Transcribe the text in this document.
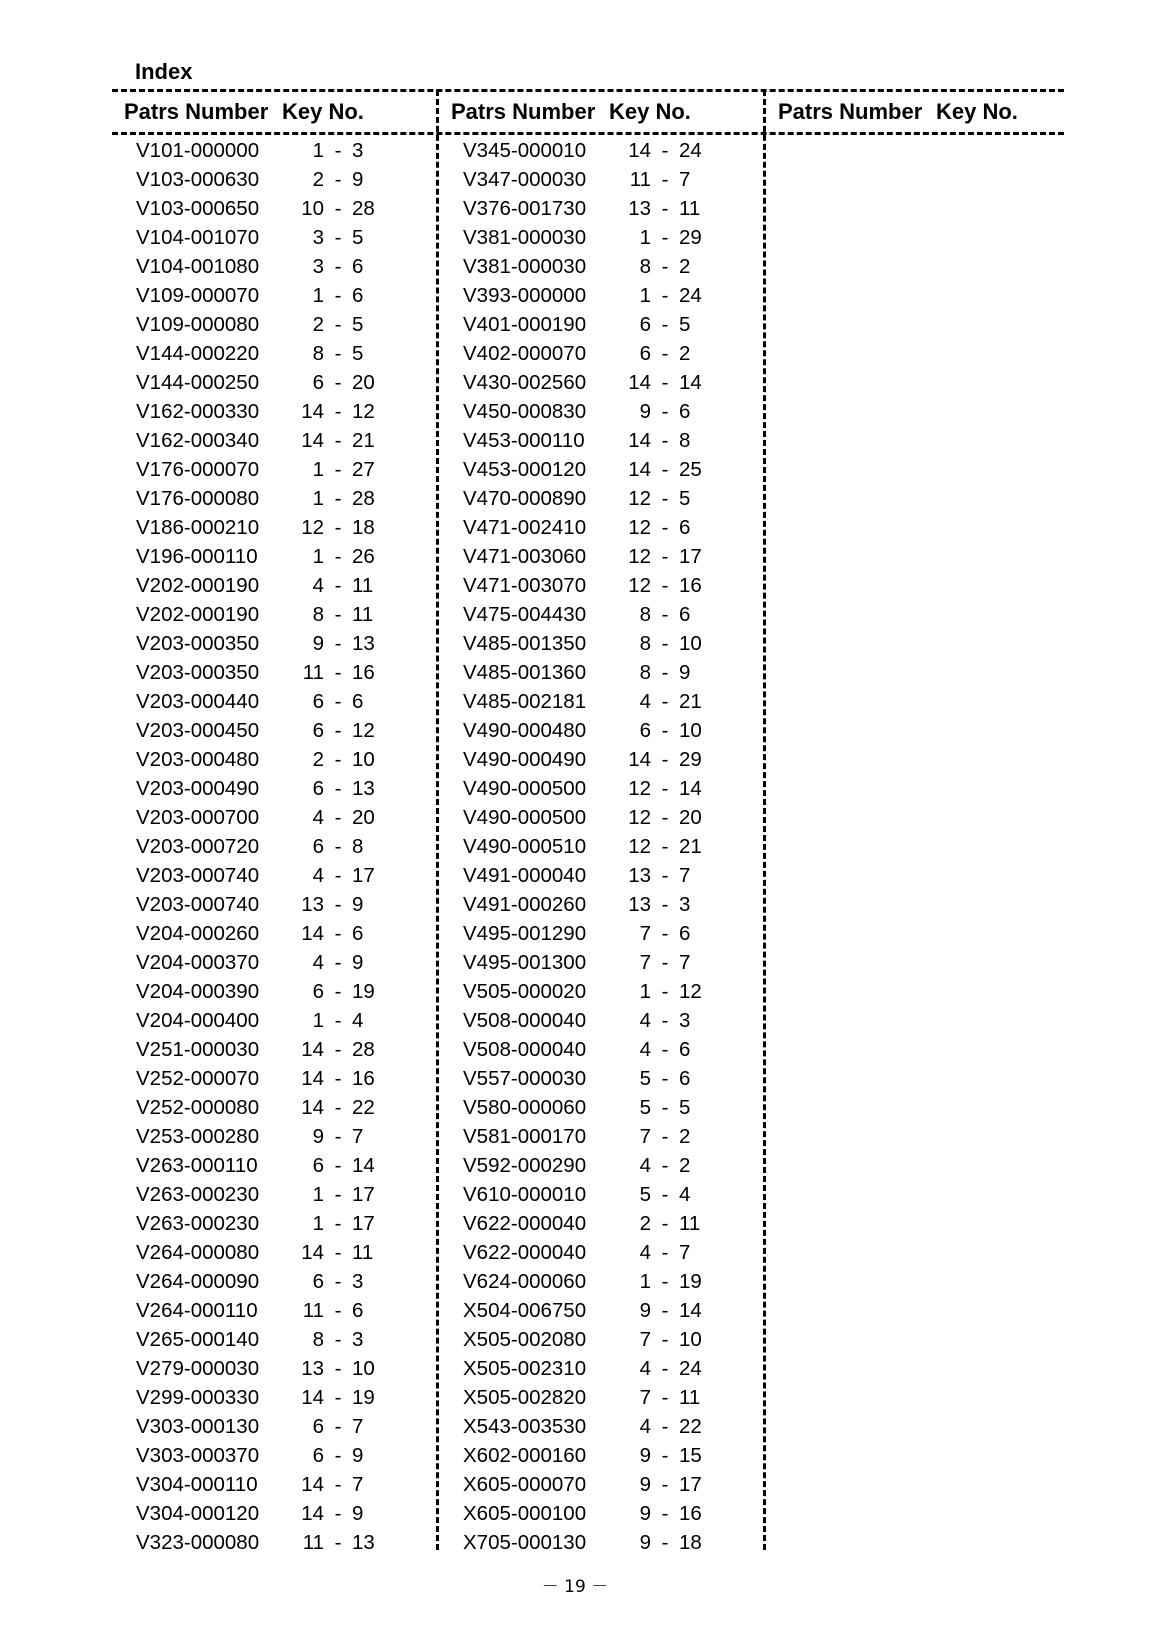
Index
Patrs Number Key No.
V101-000000	1 - 3
V103-000630	2 - 9
V103-000650	10 - 28
V104-001070	3 - 5
V104-001080	3 - 6
V109-000070	1 - 6
V109-000080	2 - 5
V144-000220	8 - 5
V144-000250	6 - 20
V162-000330	14 - 12
V162-000340	14 - 21
V176-000070	1 - 27
V176-000080	1 - 28
V186-000210	12 - 18
V196-000110	1 - 26
V202-000190	4 - 11
V202-000190	8 - 11
V203-000350	9 - 13
V203-000350	11 - 16
V203-000440	6 - 6
V203-000450	6 - 12
V203-000480	2 - 10
V203-000490	6 - 13
V203-000700	4 - 20
V203-000720	6 - 8
V203-000740	4 - 17
V203-000740	13 - 9
V204-000260	14 - 6
V204-000370	4 - 9
V204-000390	6 - 19
V204-000400	1 - 4
V251-000030	14 - 28
V252-000070	14 - 16
V252-000080	14 - 22
V253-000280	9 - 7
V263-000110	6 - 14
V263-000230	1 - 17
V263-000230	1 - 17
V264-000080	14 - 11
V264-000090	6 - 3
V264-000110	11 - 6
V265-000140	8 - 3
V279-000030	13 - 10
V299-000330	14 - 19
V303-000130	6 - 7
V303-000370	6 - 9
V304-000110	14 - 7
V304-000120	14 - 9
V323-000080	11 - 13
Patrs Number Key No.
V345-000010	14 - 24
V347-000030	11 - 7
V376-001730	13 - 11
V381-000030	1 - 29
V381-000030	8 - 2
V393-000000	1 - 24
V401-000190	6 - 5
V402-000070	6 - 2
V430-002560	14 - 14
V450-000830	9 - 6
V453-000110	14 - 8
V453-000120	14 - 25
V470-000890	12 - 5
V471-002410	12 - 6
V471-003060	12 - 17
V471-003070	12 - 16
V475-004430	8 - 6
V485-001350	8 - 10
V485-001360	8 - 9
V485-002181	4 - 21
V490-000480	6 - 10
V490-000490	14 - 29
V490-000500	12 - 14
V490-000500	12 - 20
V490-000510	12 - 21
V491-000040	13 - 7
V491-000260	13 - 3
V495-001290	7 - 6
V495-001300	7 - 7
V505-000020	1 - 12
V508-000040	4 - 3
V508-000040	4 - 6
V557-000030	5 - 6
V580-000060	5 - 5
V581-000170	7 - 2
V592-000290	4 - 2
V610-000010	5 - 4
V622-000040	2 - 11
V622-000040	4 - 7
V624-000060	1 - 19
X504-006750	9 - 14
X505-002080	7 - 10
X505-002310	4 - 24
X505-002820	7 - 11
X543-003530	4 - 22
X602-000160	9 - 15
X605-000070	9 - 17
X605-000100	9 - 16
X705-000130	9 - 18
Patrs Number Key No.
－ 19 －
